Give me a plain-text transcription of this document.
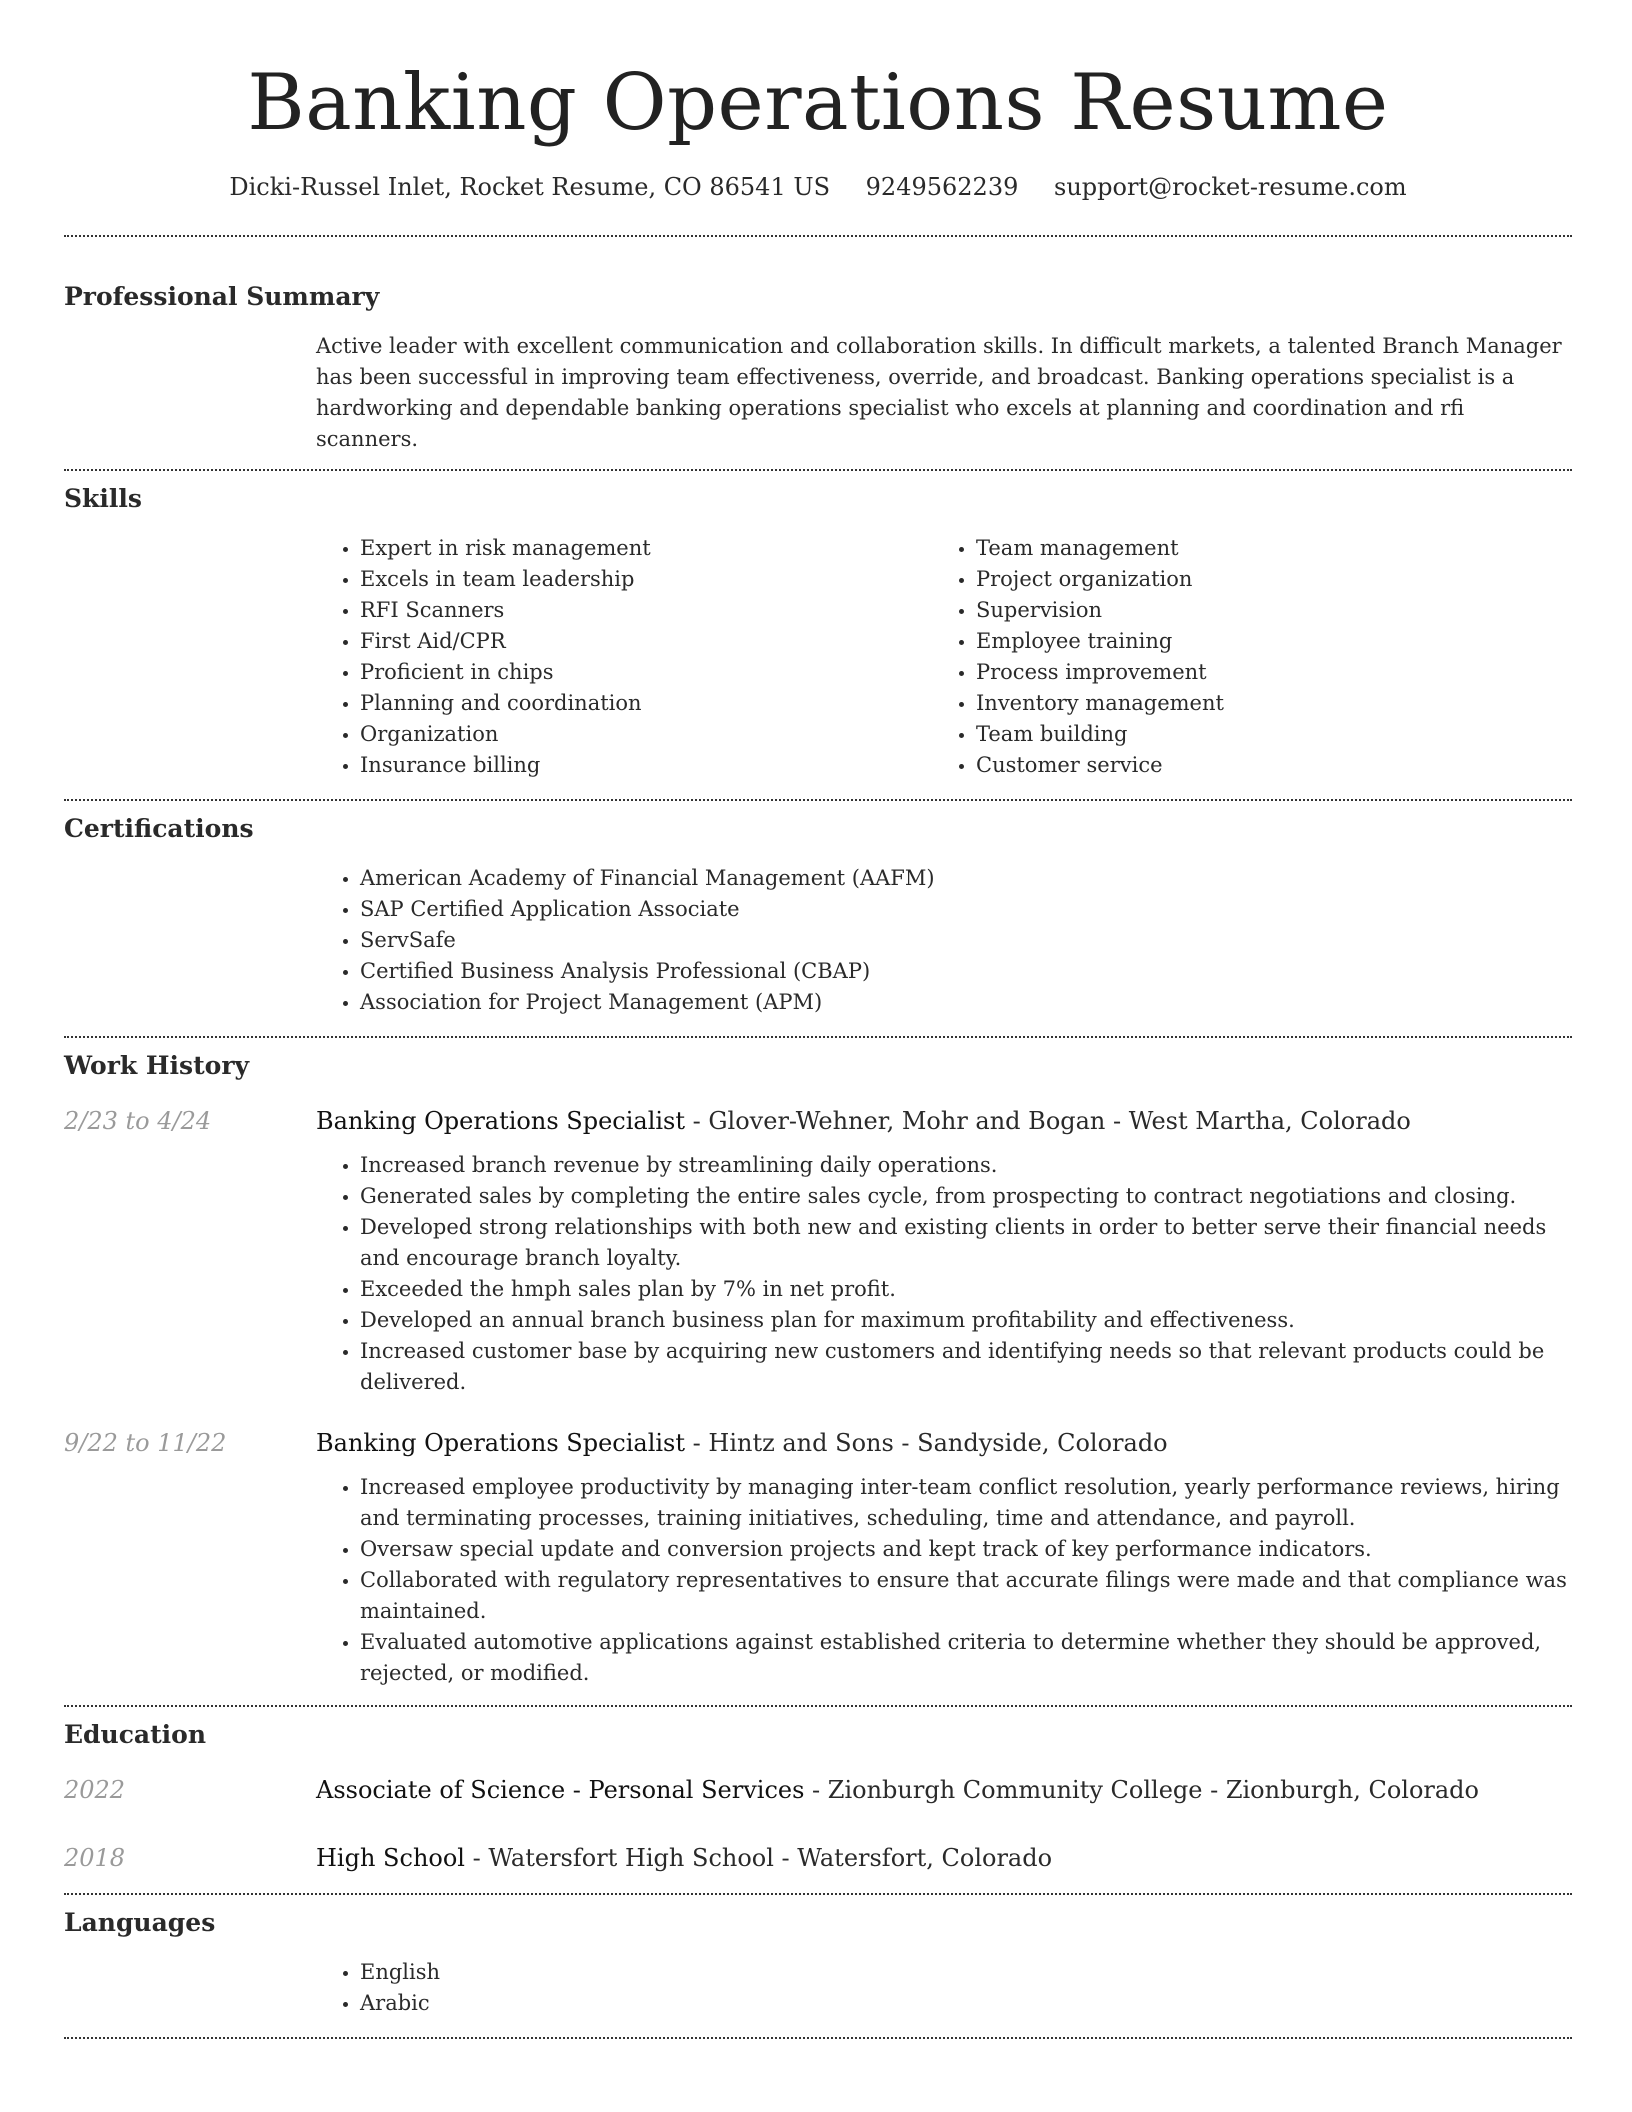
Banking Operations Resume
Dicki-Russel Inlet, Rocket Resume, CO 86541 US 9249562239 support@rocket-resume.com
Professional Summary

Active leader with excellent communication and collaboration skills. In difficult markets, a talented Branch Manager has been successful in improving team effectiveness, override, and broadcast. Banking operations specialist is a hardworking and dependable banking operations specialist who excels at planning and coordination and rfi scanners.

Skills
• Expert in risk management
• Excels in team leadership
• RFI Scanners
• First Aid/CPR
• Proficient in chips
• Planning and coordination
• Organization
• Insurance billing
• Team management
• Project organization
• Supervision
• Employee training
• Process improvement
• Inventory management
• Team building
• Customer service
Certifications
• American Academy of Financial Management (AAFM)
• SAP Certified Application Associate
• ServSafe
• Certified Business Analysis Professional (CBAP)
• Association for Project Management (APM)
Work History
2/23 to 4/24	Banking Operations Specialist - Glover-Wehner, Mohr and Bogan - West Martha, Colorado
• Increased branch revenue by streamlining daily operations.
• Generated sales by completing the entire sales cycle, from prospecting to contract negotiations and closing.
• Developed strong relationships with both new and existing clients in order to better serve their financial needs and encourage branch loyalty.
• Exceeded the hmph sales plan by 7% in net profit.
• Developed an annual branch business plan for maximum profitability and effectiveness.
• Increased customer base by acquiring new customers and identifying needs so that relevant products could be delivered.
9/22 to 11/22	Banking Operations Specialist - Hintz and Sons - Sandyside, Colorado
• Increased employee productivity by managing inter-team conflict resolution, yearly performance reviews, hiring and terminating processes, training initiatives, scheduling, time and attendance, and payroll.
• Oversaw special update and conversion projects and kept track of key performance indicators.
• Collaborated with regulatory representatives to ensure that accurate filings were made and that compliance was maintained.
• Evaluated automotive applications against established criteria to determine whether they should be approved, rejected, or modified.
Education
2022	Associate of Science - Personal Services - Zionburgh Community College - Zionburgh, Colorado
2018	High School - Watersfort High School - Watersfort, Colorado
Languages
• English
• Arabic
